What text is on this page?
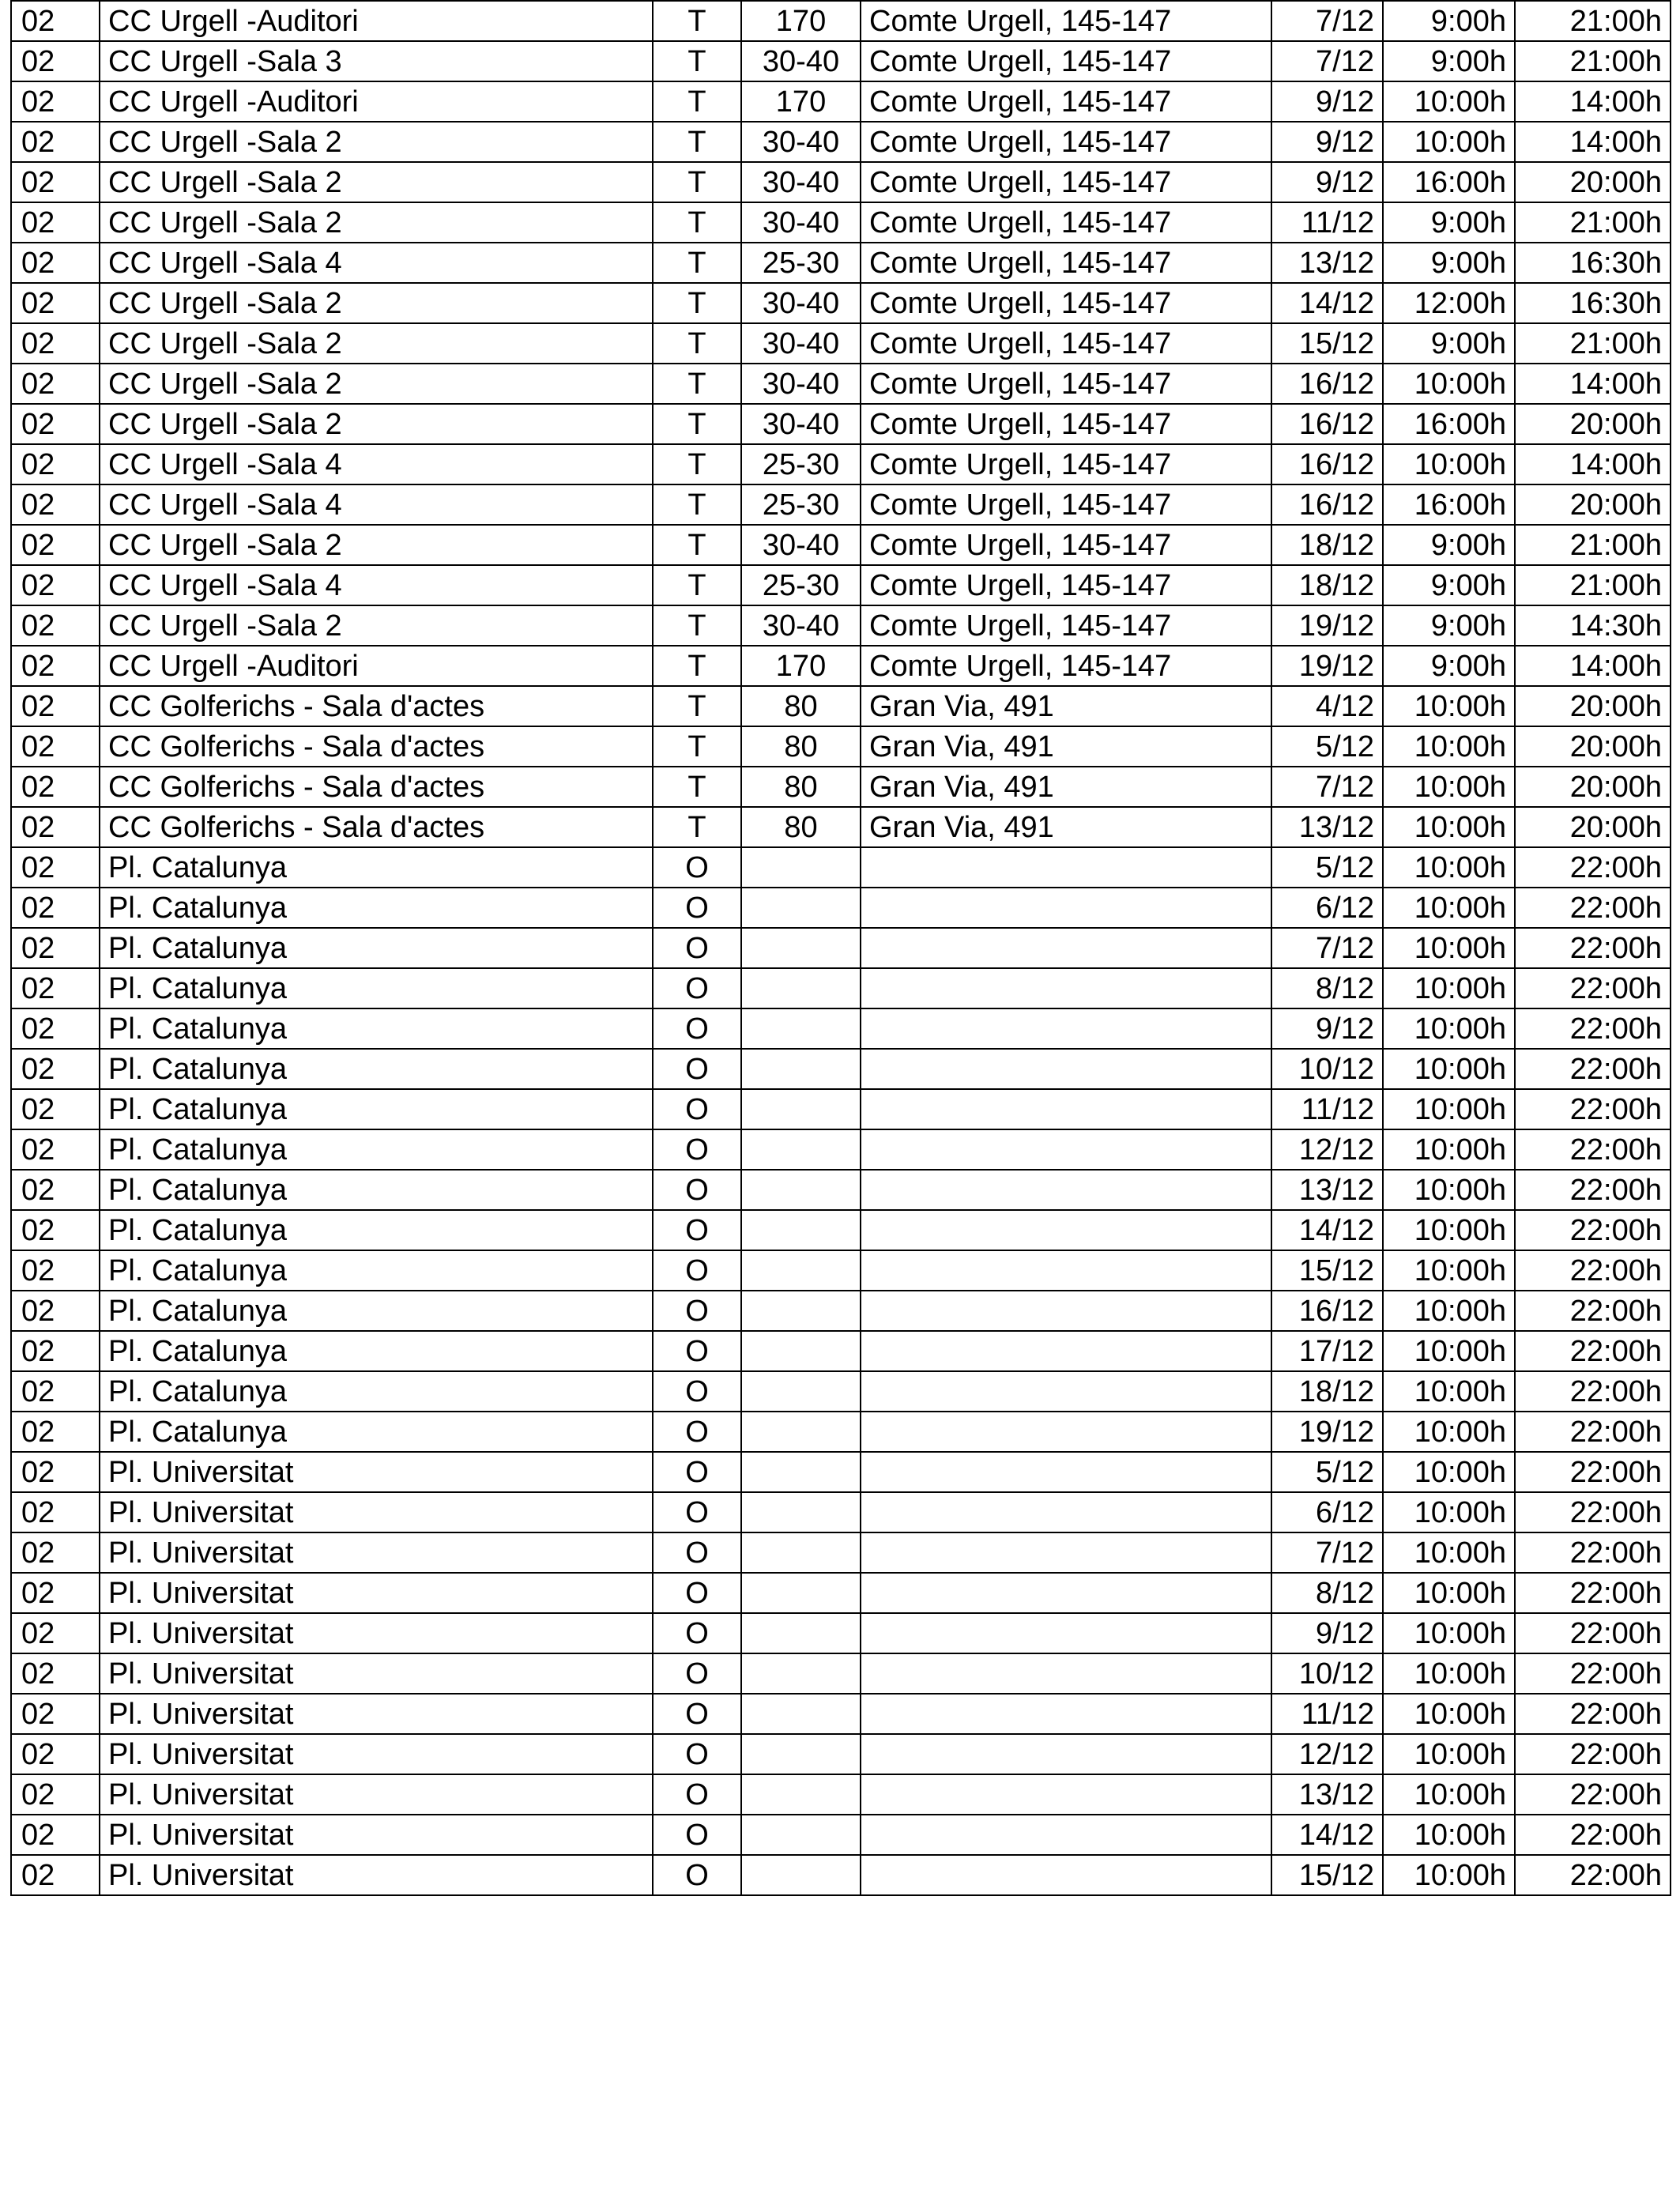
02	CC Urgell -Auditori	T	170	Comte Urgell, 145-147	7/12	9:00h	21:00h
02	CC Urgell -Sala 3	T	30-40	Comte Urgell, 145-147	7/12	9:00h	21:00h
02	CC Urgell -Auditori	T	170	Comte Urgell, 145-147	9/12	10:00h	14:00h
02	CC Urgell -Sala 2	T	30-40	Comte Urgell, 145-147	9/12	10:00h	14:00h
02	CC Urgell -Sala 2	T	30-40	Comte Urgell, 145-147	9/12	16:00h	20:00h
02	CC Urgell -Sala 2	T	30-40	Comte Urgell, 145-147	11/12	9:00h	21:00h
02	CC Urgell -Sala 4	T	25-30	Comte Urgell, 145-147	13/12	9:00h	16:30h
02	CC Urgell -Sala 2	T	30-40	Comte Urgell, 145-147	14/12	12:00h	16:30h
02	CC Urgell -Sala 2	T	30-40	Comte Urgell, 145-147	15/12	9:00h	21:00h
02	CC Urgell -Sala 2	T	30-40	Comte Urgell, 145-147	16/12	10:00h	14:00h
02	CC Urgell -Sala 2	T	30-40	Comte Urgell, 145-147	16/12	16:00h	20:00h
02	CC Urgell -Sala 4	T	25-30	Comte Urgell, 145-147	16/12	10:00h	14:00h
02	CC Urgell -Sala 4	T	25-30	Comte Urgell, 145-147	16/12	16:00h	20:00h
02	CC Urgell -Sala 2	T	30-40	Comte Urgell, 145-147	18/12	9:00h	21:00h
02	CC Urgell -Sala 4	T	25-30	Comte Urgell, 145-147	18/12	9:00h	21:00h
02	CC Urgell -Sala 2	T	30-40	Comte Urgell, 145-147	19/12	9:00h	14:30h
02	CC Urgell -Auditori	T	170	Comte Urgell, 145-147	19/12	9:00h	14:00h
02	CC Golferichs - Sala d'actes	T	80	Gran Via, 491	4/12	10:00h	20:00h
02	CC Golferichs - Sala d'actes	T	80	Gran Via, 491	5/12	10:00h	20:00h
02	CC Golferichs - Sala d'actes	T	80	Gran Via, 491	7/12	10:00h	20:00h
02	CC Golferichs - Sala d'actes	T	80	Gran Via, 491	13/12	10:00h	20:00h
02	Pl. Catalunya	O			5/12	10:00h	22:00h
02	Pl. Catalunya	O			6/12	10:00h	22:00h
02	Pl. Catalunya	O			7/12	10:00h	22:00h
02	Pl. Catalunya	O			8/12	10:00h	22:00h
02	Pl. Catalunya	O			9/12	10:00h	22:00h
02	Pl. Catalunya	O			10/12	10:00h	22:00h
02	Pl. Catalunya	O			11/12	10:00h	22:00h
02	Pl. Catalunya	O			12/12	10:00h	22:00h
02	Pl. Catalunya	O			13/12	10:00h	22:00h
02	Pl. Catalunya	O			14/12	10:00h	22:00h
02	Pl. Catalunya	O			15/12	10:00h	22:00h
02	Pl. Catalunya	O			16/12	10:00h	22:00h
02	Pl. Catalunya	O			17/12	10:00h	22:00h
02	Pl. Catalunya	O			18/12	10:00h	22:00h
02	Pl. Catalunya	O			19/12	10:00h	22:00h
02	Pl. Universitat	O			5/12	10:00h	22:00h
02	Pl. Universitat	O			6/12	10:00h	22:00h
02	Pl. Universitat	O			7/12	10:00h	22:00h
02	Pl. Universitat	O			8/12	10:00h	22:00h
02	Pl. Universitat	O			9/12	10:00h	22:00h
02	Pl. Universitat	O			10/12	10:00h	22:00h
02	Pl. Universitat	O			11/12	10:00h	22:00h
02	Pl. Universitat	O			12/12	10:00h	22:00h
02	Pl. Universitat	O			13/12	10:00h	22:00h
02	Pl. Universitat	O			14/12	10:00h	22:00h
02	Pl. Universitat	O			15/12	10:00h	22:00h
